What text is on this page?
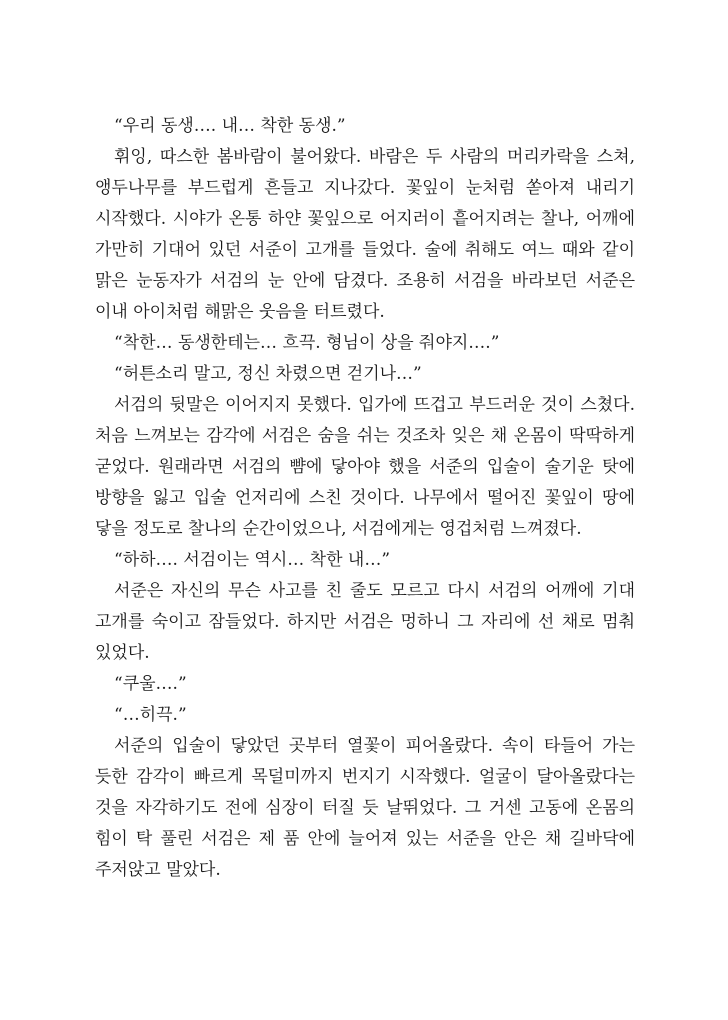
“우리 동생…. 내… 착한 동생.”

휘잉, 따스한 봄바람이 불어왔다. 바람은 두 사람의 머리카락을 스쳐, 앵두나무를 부드럽게 흔들고 지나갔다. 꽃잎이 눈처럼 쏟아져 내리기 시작했다. 시야가 온통 하얀 꽃잎으로 어지러이 흩어지려는 찰나, 어깨에 가만히 기대어 있던 서준이 고개를 들었다. 술에 취해도 여느 때와 같이 맑은 눈동자가 서검의 눈 안에 담겼다. 조용히 서검을 바라보던 서준은 이내 아이처럼 해맑은 웃음을 터트렸다.

“착한… 동생한테는… 흐끅. 형님이 상을 줘야지….”

“허튼소리 말고, 정신 차렸으면 걷기나…”

서검의 뒷말은 이어지지 못했다. 입가에 뜨겁고 부드러운 것이 스쳤다. 처음 느껴보는 감각에 서검은 숨을 쉬는 것조차 잊은 채 온몸이 딱딱하게 굳었다. 원래라면 서검의 뺨에 닿아야 했을 서준의 입술이 술기운 탓에 방향을 잃고 입술 언저리에 스친 것이다. 나무에서 떨어진 꽃잎이 땅에 닿을 정도로 찰나의 순간이었으나, 서검에게는 영겁처럼 느껴졌다.

“하하…. 서검이는 역시… 착한 내…”

서준은 자신의 무슨 사고를 친 줄도 모르고 다시 서검의 어깨에 기대 고개를 숙이고 잠들었다. 하지만 서검은 멍하니 그 자리에 선 채로 멈춰 있었다.

“쿠울….”

“…히끅.”

서준의 입술이 닿았던 곳부터 열꽃이 피어올랐다. 속이 타들어 가는 듯한 감각이 빠르게 목덜미까지 번지기 시작했다. 얼굴이 달아올랐다는 것을 자각하기도 전에 심장이 터질 듯 날뛰었다. 그 거센 고동에 온몸의 힘이 탁 풀린 서검은 제 품 안에 늘어져 있는 서준을 안은 채 길바닥에 주저앉고 말았다.
